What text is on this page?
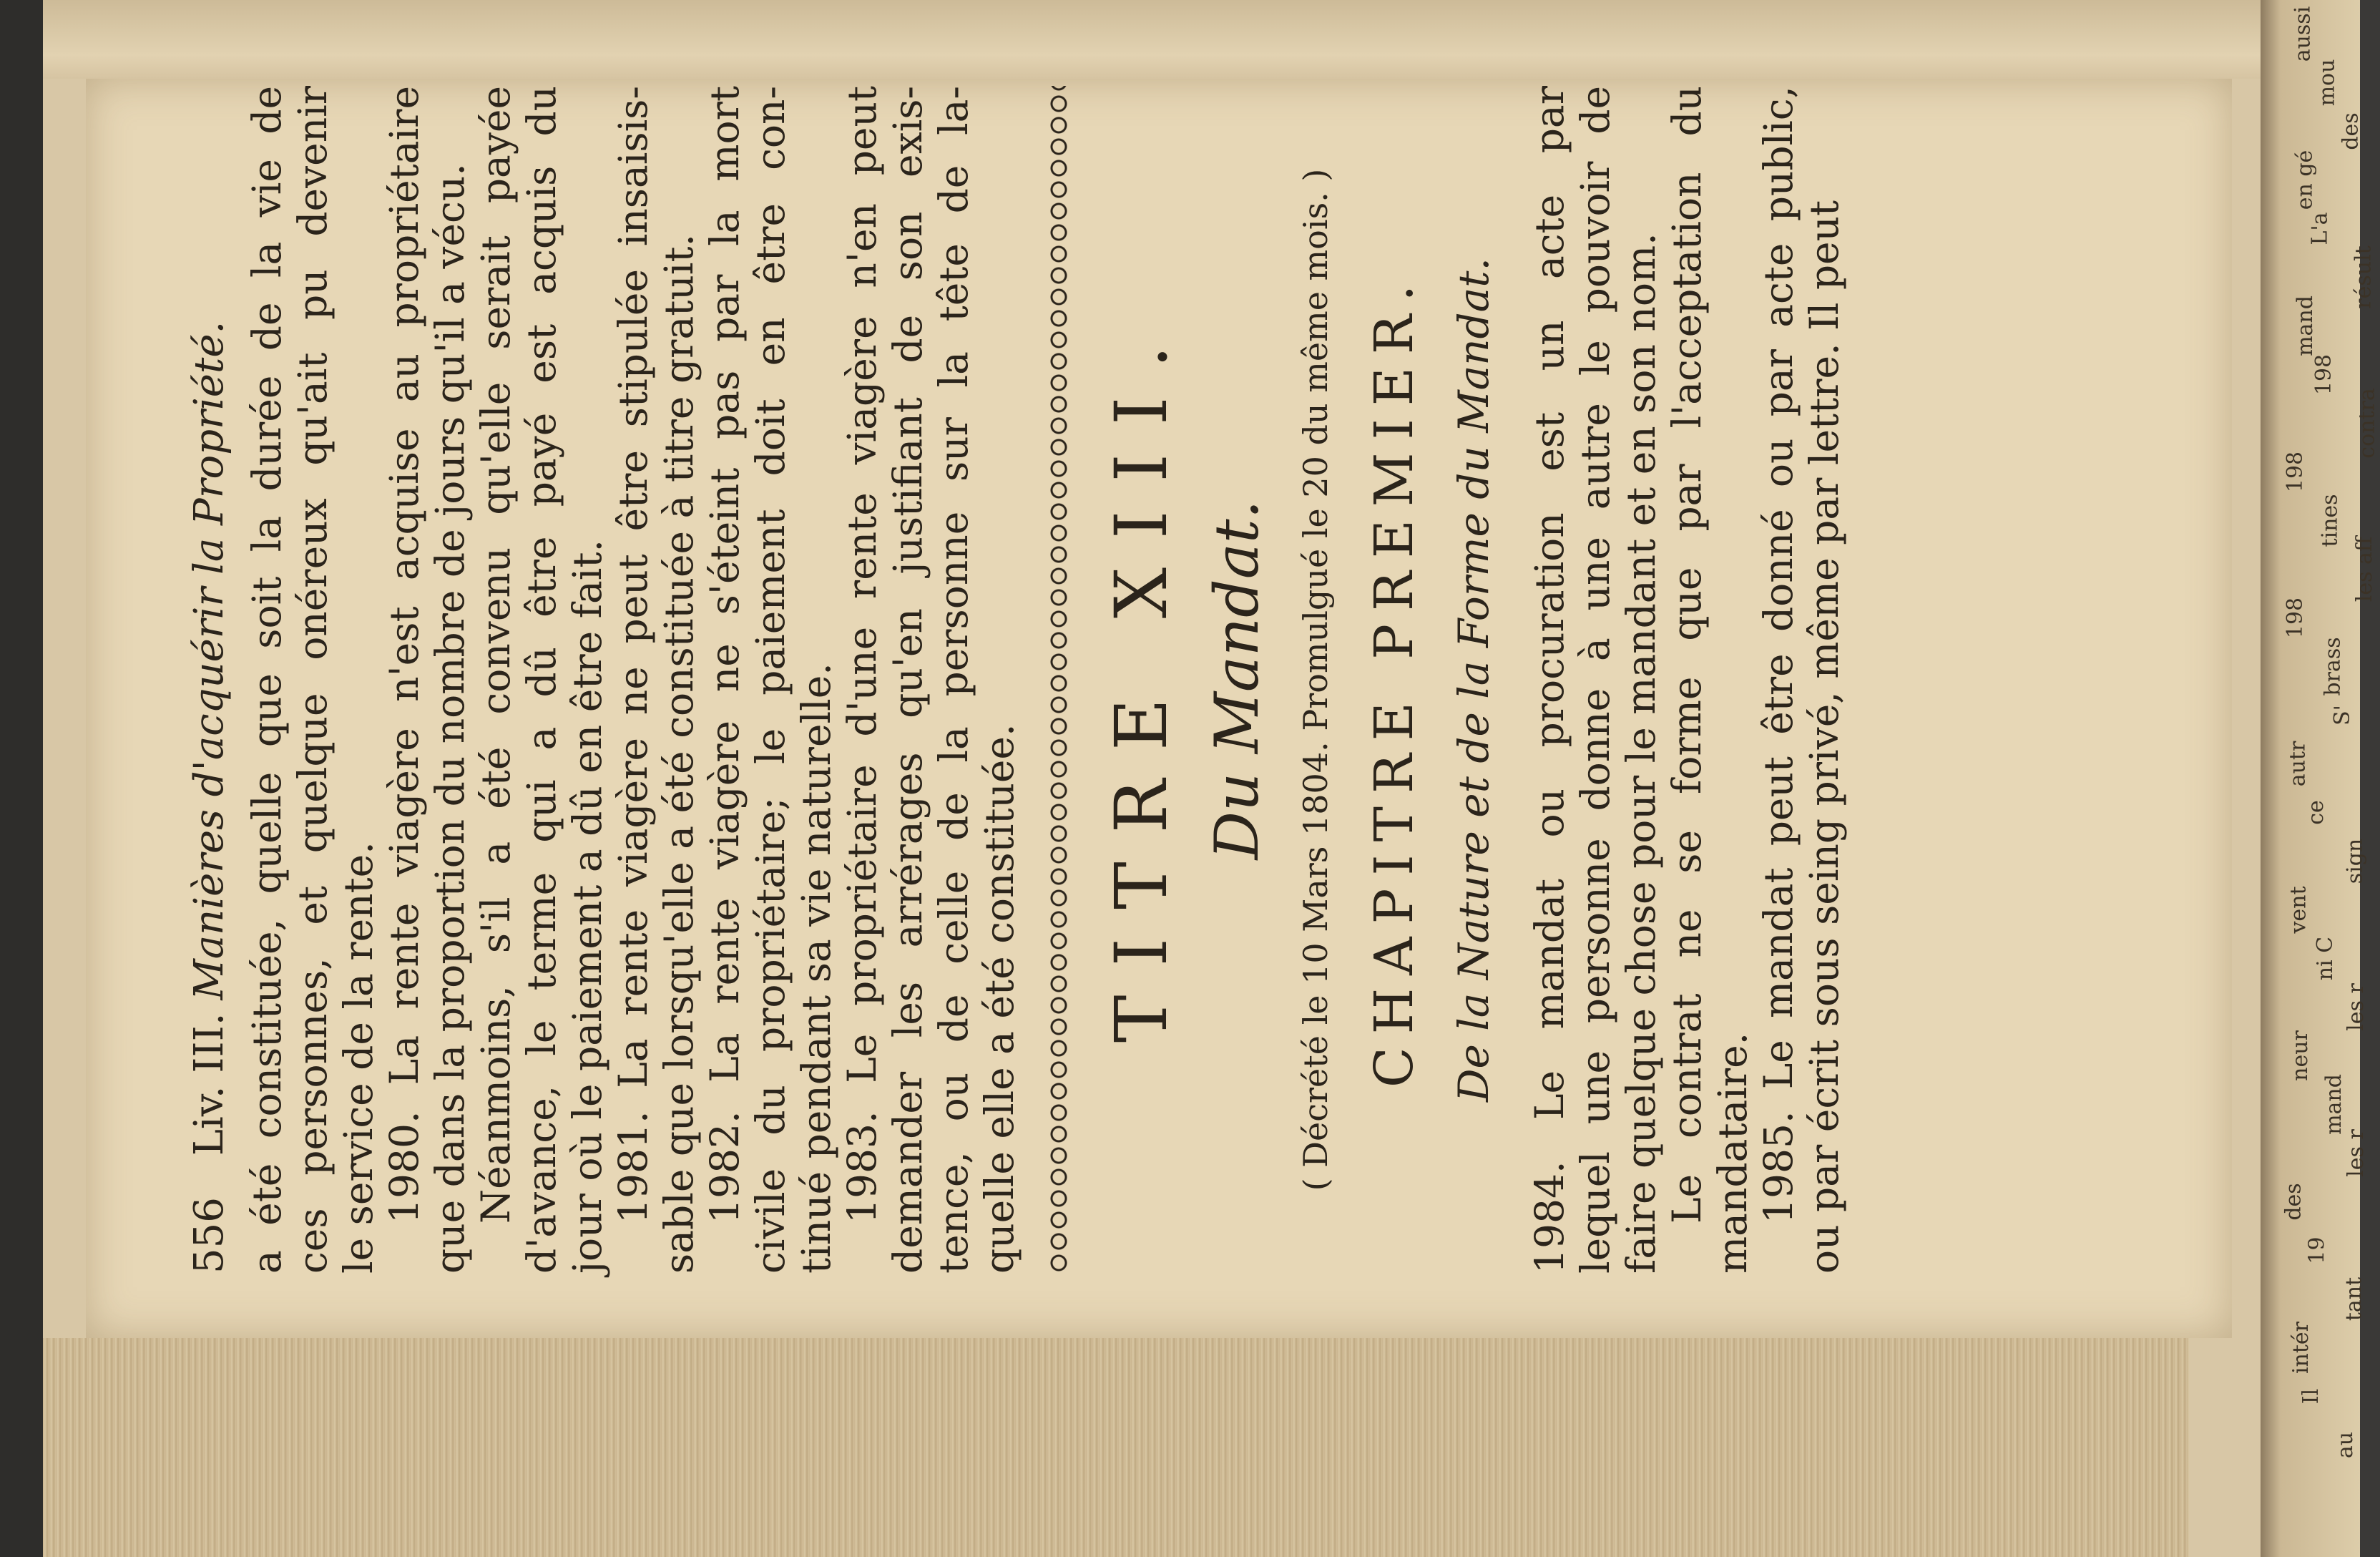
aussi
mou
des
en gé
L'a
résult
mand
198
contra
198
tines
les aff
198
brass
S'
autr
ce
sign
vent
ni C
les r
neur
mand
les r
des
19
tant
intér
Il
au
556 Liv. III. Manières d'acquérir la Propriété. a été constituée, quelle que soit la durée de la vie de ces personnes, et quelque onéreux qu'ait pu devenir le service de la rente. 1980. La rente viagère n'est acquise au propriétaire que dans la proportion du nombre de jours qu'il a vécu. Néanmoins, s'il a été convenu qu'elle serait payée d'avance, le terme qui a dû être payé est acquis du jour où le paiement a dû en être fait. 1981. La rente viagère ne peut être stipulée insaisis- sable que lorsqu'elle a été constituée à titre gratuit. 1982. La rente viagère ne s'éteint pas par la mort civile du propriétaire; le paiement doit en être con- tinué pendant sa vie naturelle. 1983. Le propriétaire d'une rente viagère n'en peut demander les arrérages qu'en justifiant de son exis- tence, ou de celle de la personne sur la tête de la- quelle elle a été constituée. TITRE XIII. Du Mandat. ( Décrété le 10 Mars 1804. Promulgué le 20 du même mois. ) CHAPITRE PREMIER. De la Nature et de la Forme du Mandat. 1984. Le mandat ou procuration est un acte par lequel une personne donne à une autre le pouvoir de faire quelque chose pour le mandant et en son nom. Le contrat ne se forme que par l'acceptation du mandataire. 1985. Le mandat peut être donné ou par acte public, ou par écrit sous seing privé, même par lettre. Il peut
